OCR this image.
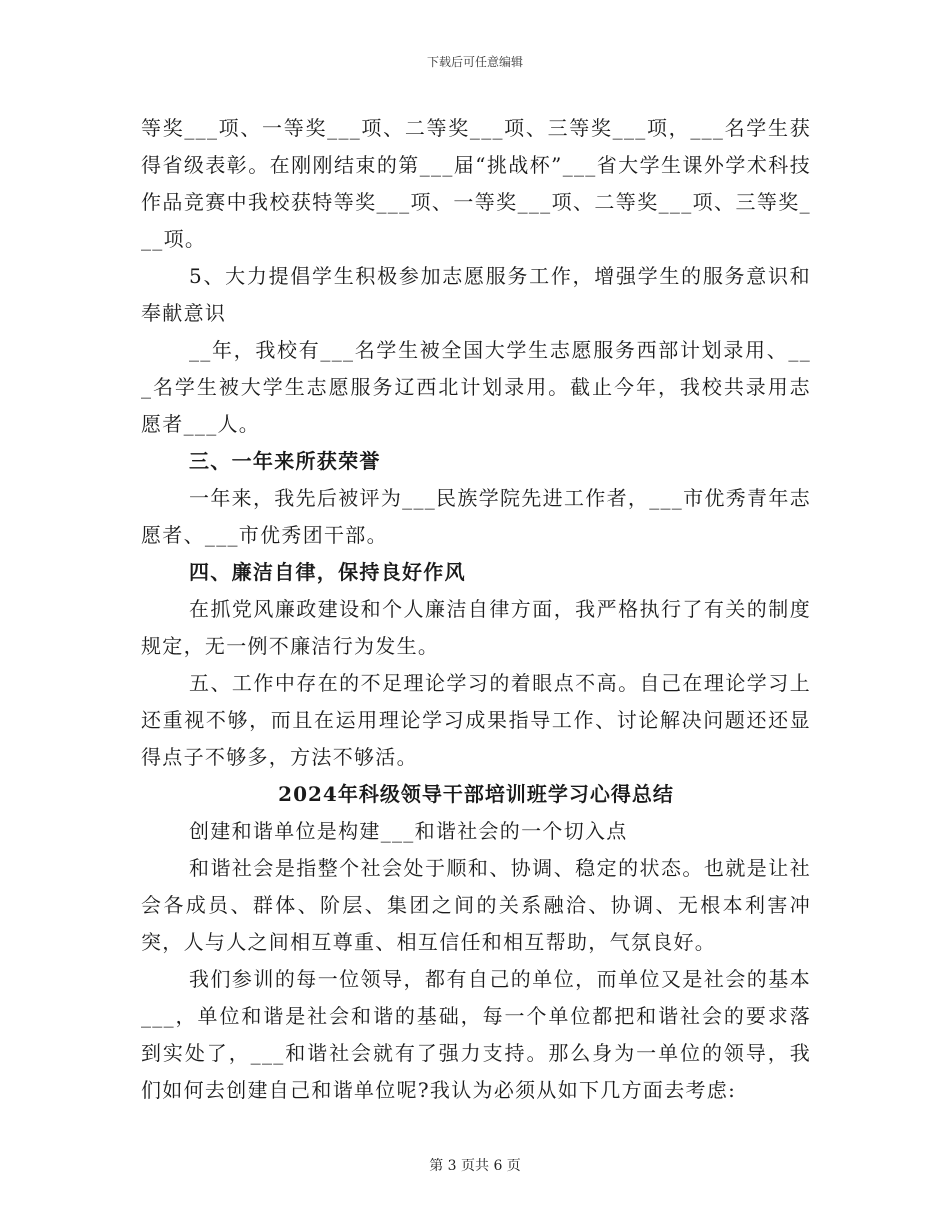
下载后可任意编辑

等奖___项、一等奖___项、二等奖___项、三等奖___项，___名学生获得省级表彰。在刚刚结束的第___届“挑战杯”___省大学生课外学术科技作品竞赛中我校获特等奖___项、一等奖___项、二等奖___项、三等奖___项。

5、大力提倡学生积极参加志愿服务工作，增强学生的服务意识和奉献意识

__年，我校有___名学生被全国大学生志愿服务西部计划录用、___名学生被大学生志愿服务辽西北计划录用。截止今年，我校共录用志愿者___人。

三、一年来所获荣誉

一年来，我先后被评为___民族学院先进工作者，___市优秀青年志愿者、___市优秀团干部。

四、廉洁自律，保持良好作风

在抓党风廉政建设和个人廉洁自律方面，我严格执行了有关的制度规定，无一例不廉洁行为发生。

五、工作中存在的不足理论学习的着眼点不高。自己在理论学习上还重视不够，而且在运用理论学习成果指导工作、讨论解决问题还还显得点子不够多，方法不够活。

2024年科级领导干部培训班学习心得总结

创建和谐单位是构建___和谐社会的一个切入点

和谐社会是指整个社会处于顺和、协调、稳定的状态。也就是让社会各成员、群体、阶层、集团之间的关系融洽、协调、无根本利害冲突，人与人之间相互尊重、相互信任和相互帮助，气氛良好。

我们参训的每一位领导，都有自己的单位，而单位又是社会的基本___，单位和谐是社会和谐的基础，每一个单位都把和谐社会的要求落到实处了，___和谐社会就有了强力支持。那么身为一单位的领导，我们如何去创建自己和谐单位呢?我认为必须从如下几方面去考虑:

第 3 页共 6 页
